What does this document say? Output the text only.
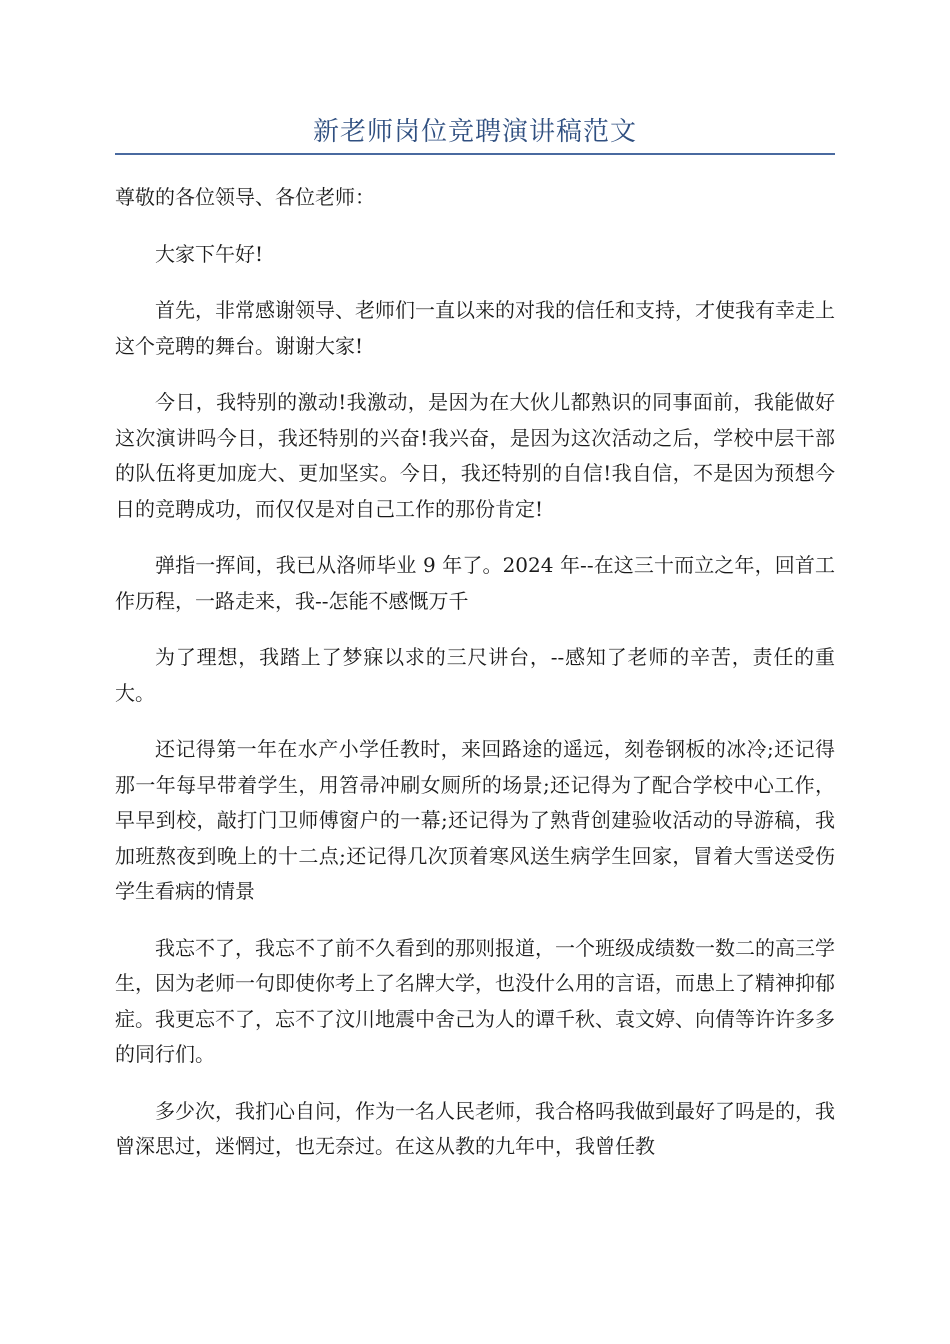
新老师岗位竞聘演讲稿范文

尊敬的各位领导、各位老师：

大家下午好!

首先，非常感谢领导、老师们一直以来的对我的信任和支持，才使我有幸走上这个竞聘的舞台。谢谢大家!

今日，我特别的激动!我激动，是因为在大伙儿都熟识的同事面前，我能做好这次演讲吗今日，我还特别的兴奋!我兴奋，是因为这次活动之后，学校中层干部的队伍将更加庞大、更加坚实。今日，我还特别的自信!我自信，不是因为预想今日的竞聘成功，而仅仅是对自己工作的那份肯定!

弹指一挥间，我已从洛师毕业 9 年了。2024 年--在这三十而立之年，回首工作历程，一路走来，我--怎能不感慨万千

为了理想，我踏上了梦寐以求的三尺讲台，--感知了老师的辛苦，责任的重大。

还记得第一年在水产小学任教时，来回路途的遥远，刻卷钢板的冰冷;还记得那一年每早带着学生，用笤帚冲刷女厕所的场景;还记得为了配合学校中心工作，早早到校，敲打门卫师傅窗户的一幕;还记得为了熟背创建验收活动的导游稿，我加班熬夜到晚上的十二点;还记得几次顶着寒风送生病学生回家，冒着大雪送受伤学生看病的情景

我忘不了，我忘不了前不久看到的那则报道，一个班级成绩数一数二的高三学生，因为老师一句即使你考上了名牌大学，也没什么用的言语，而患上了精神抑郁症。我更忘不了，忘不了汶川地震中舍己为人的谭千秋、袁文婷、向倩等许许多多的同行们。

多少次，我扪心自问，作为一名人民老师，我合格吗我做到最好了吗是的，我曾深思过，迷惘过，也无奈过。在这从教的九年中，我曾任教
